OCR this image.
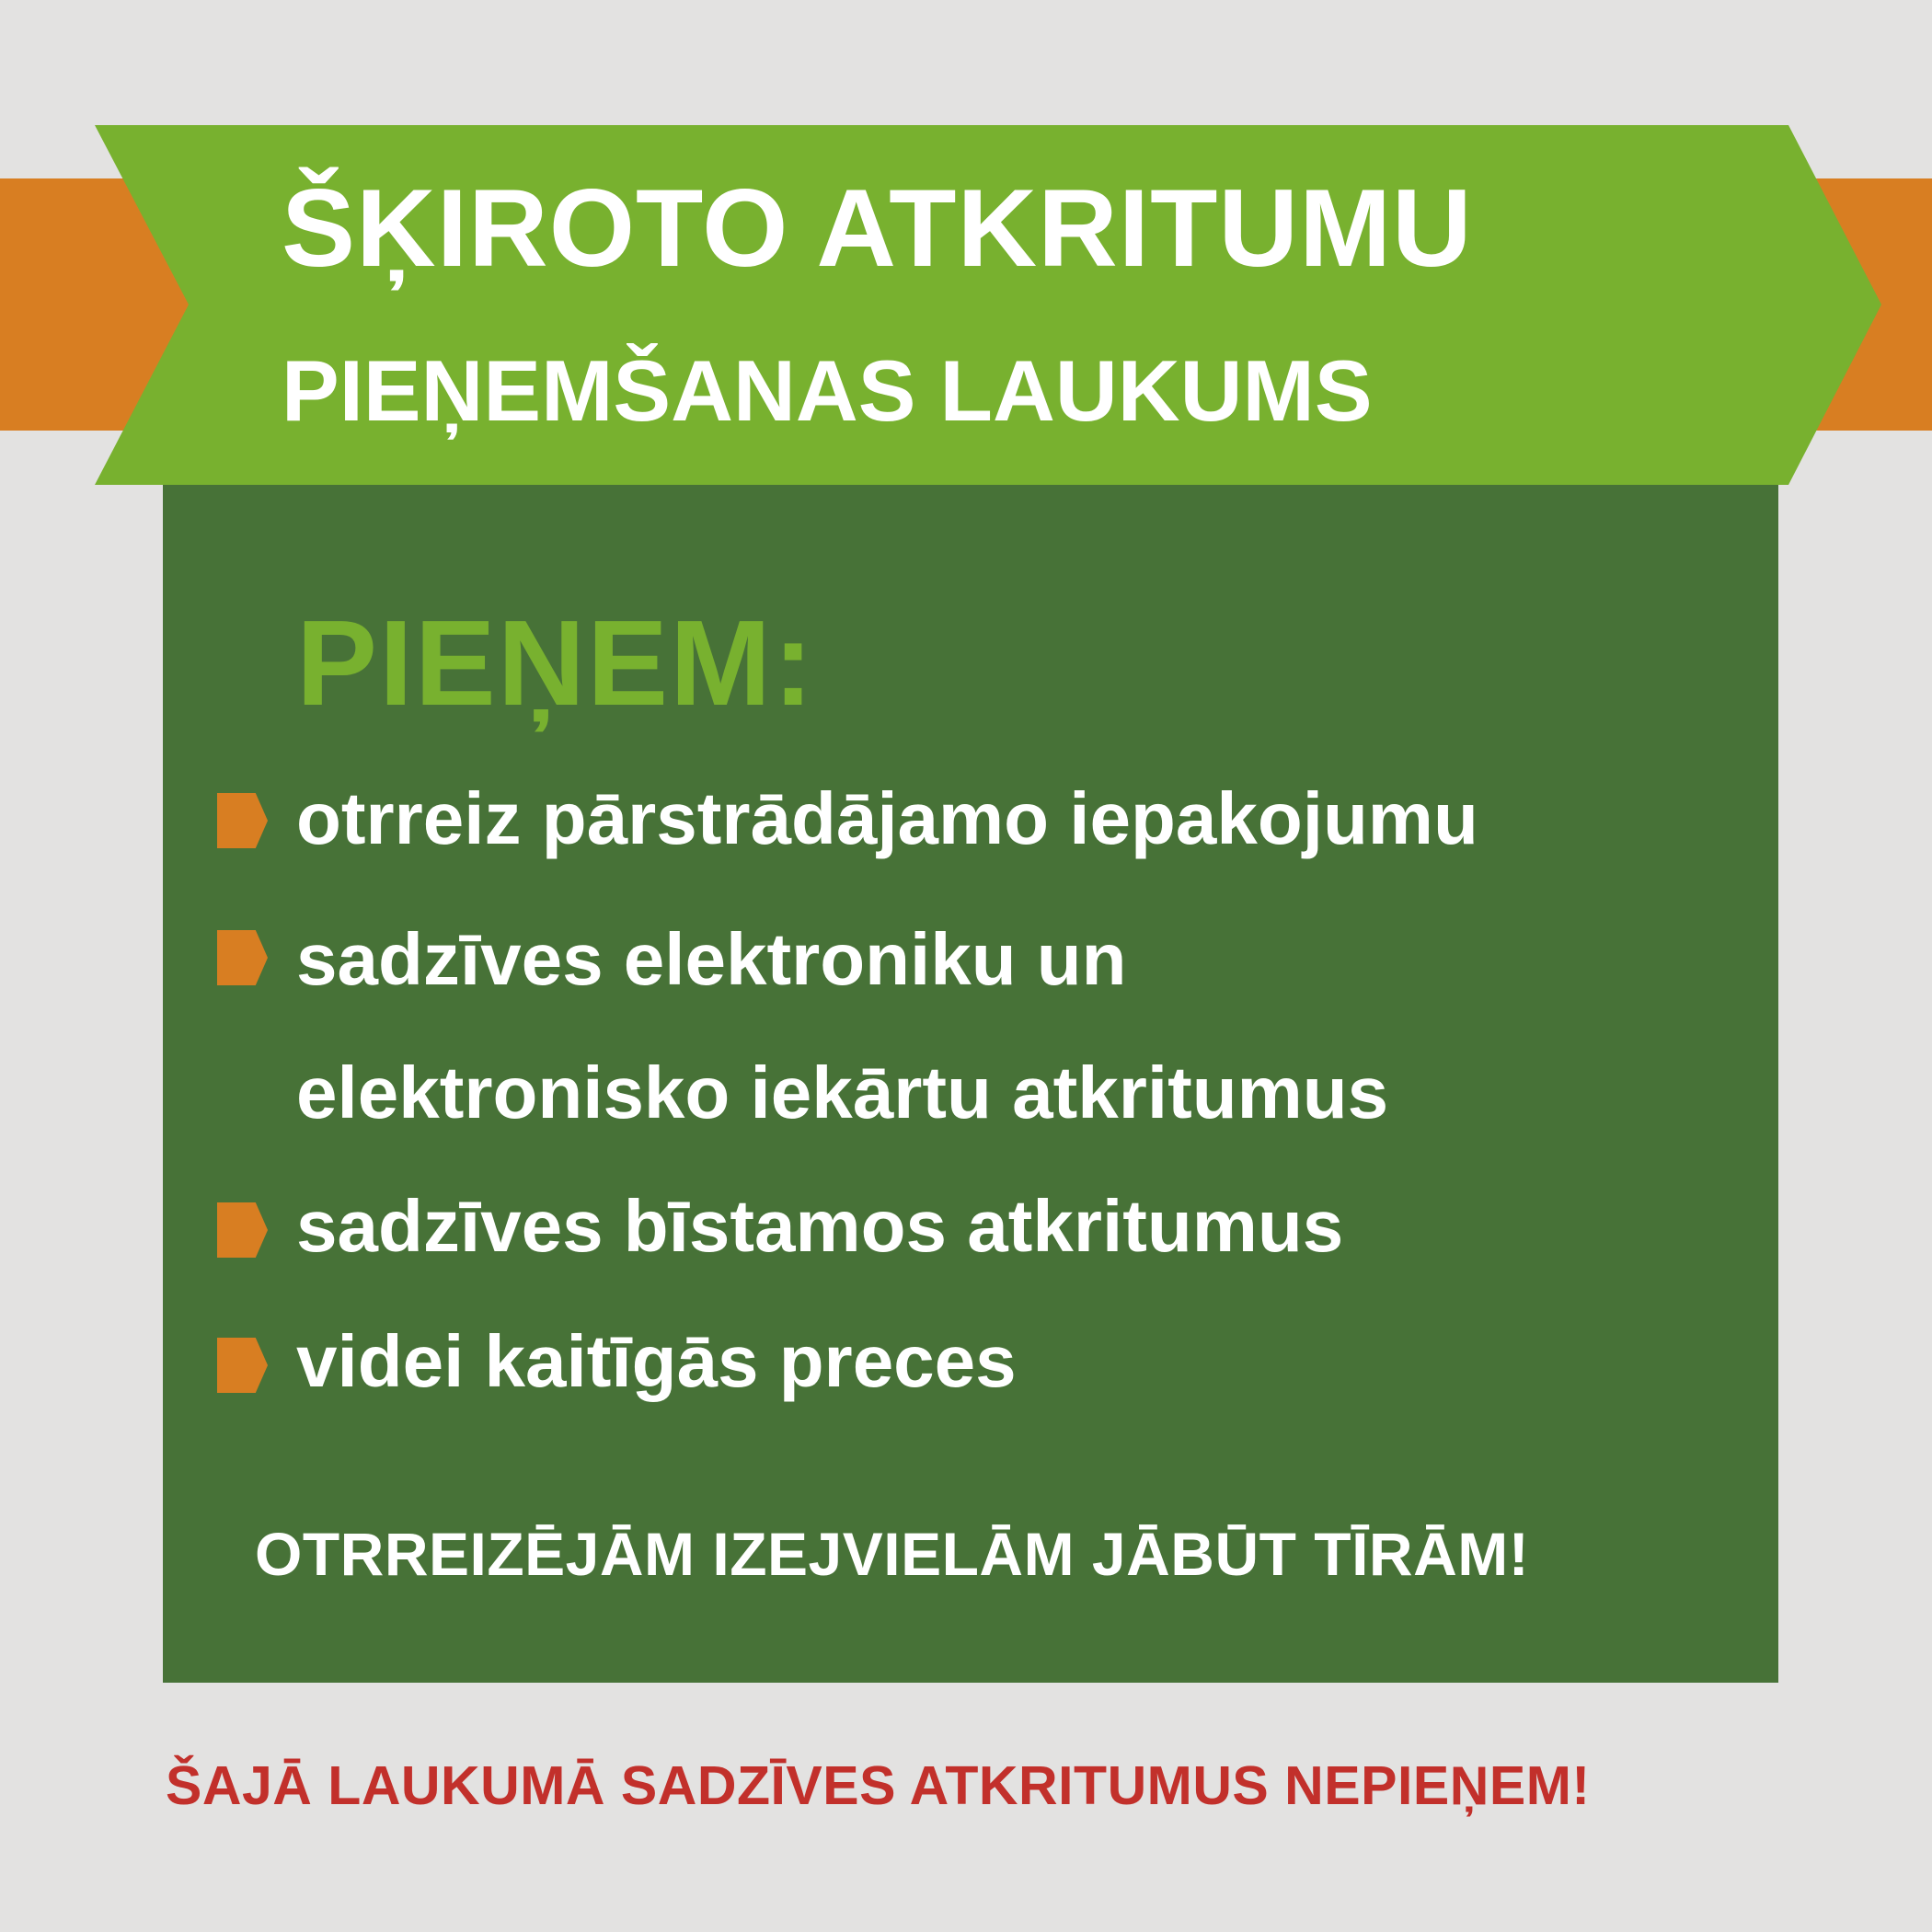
ŠĶIROTO ATKRITUMU
PIEŅEMŠANAS LAUKUMS
PIEŅEM:
otrreiz pārstrādājamo iepakojumu
sadzīves elektroniku un
elektronisko iekārtu atkritumus
sadzīves bīstamos atkritumus
videi kaitīgās preces

OTRREIZĒJĀM IZEJVIELĀM JĀBŪT TĪRĀM!

ŠAJĀ LAUKUMĀ SADZĪVES ATKRITUMUS NEPIEŅEM!
